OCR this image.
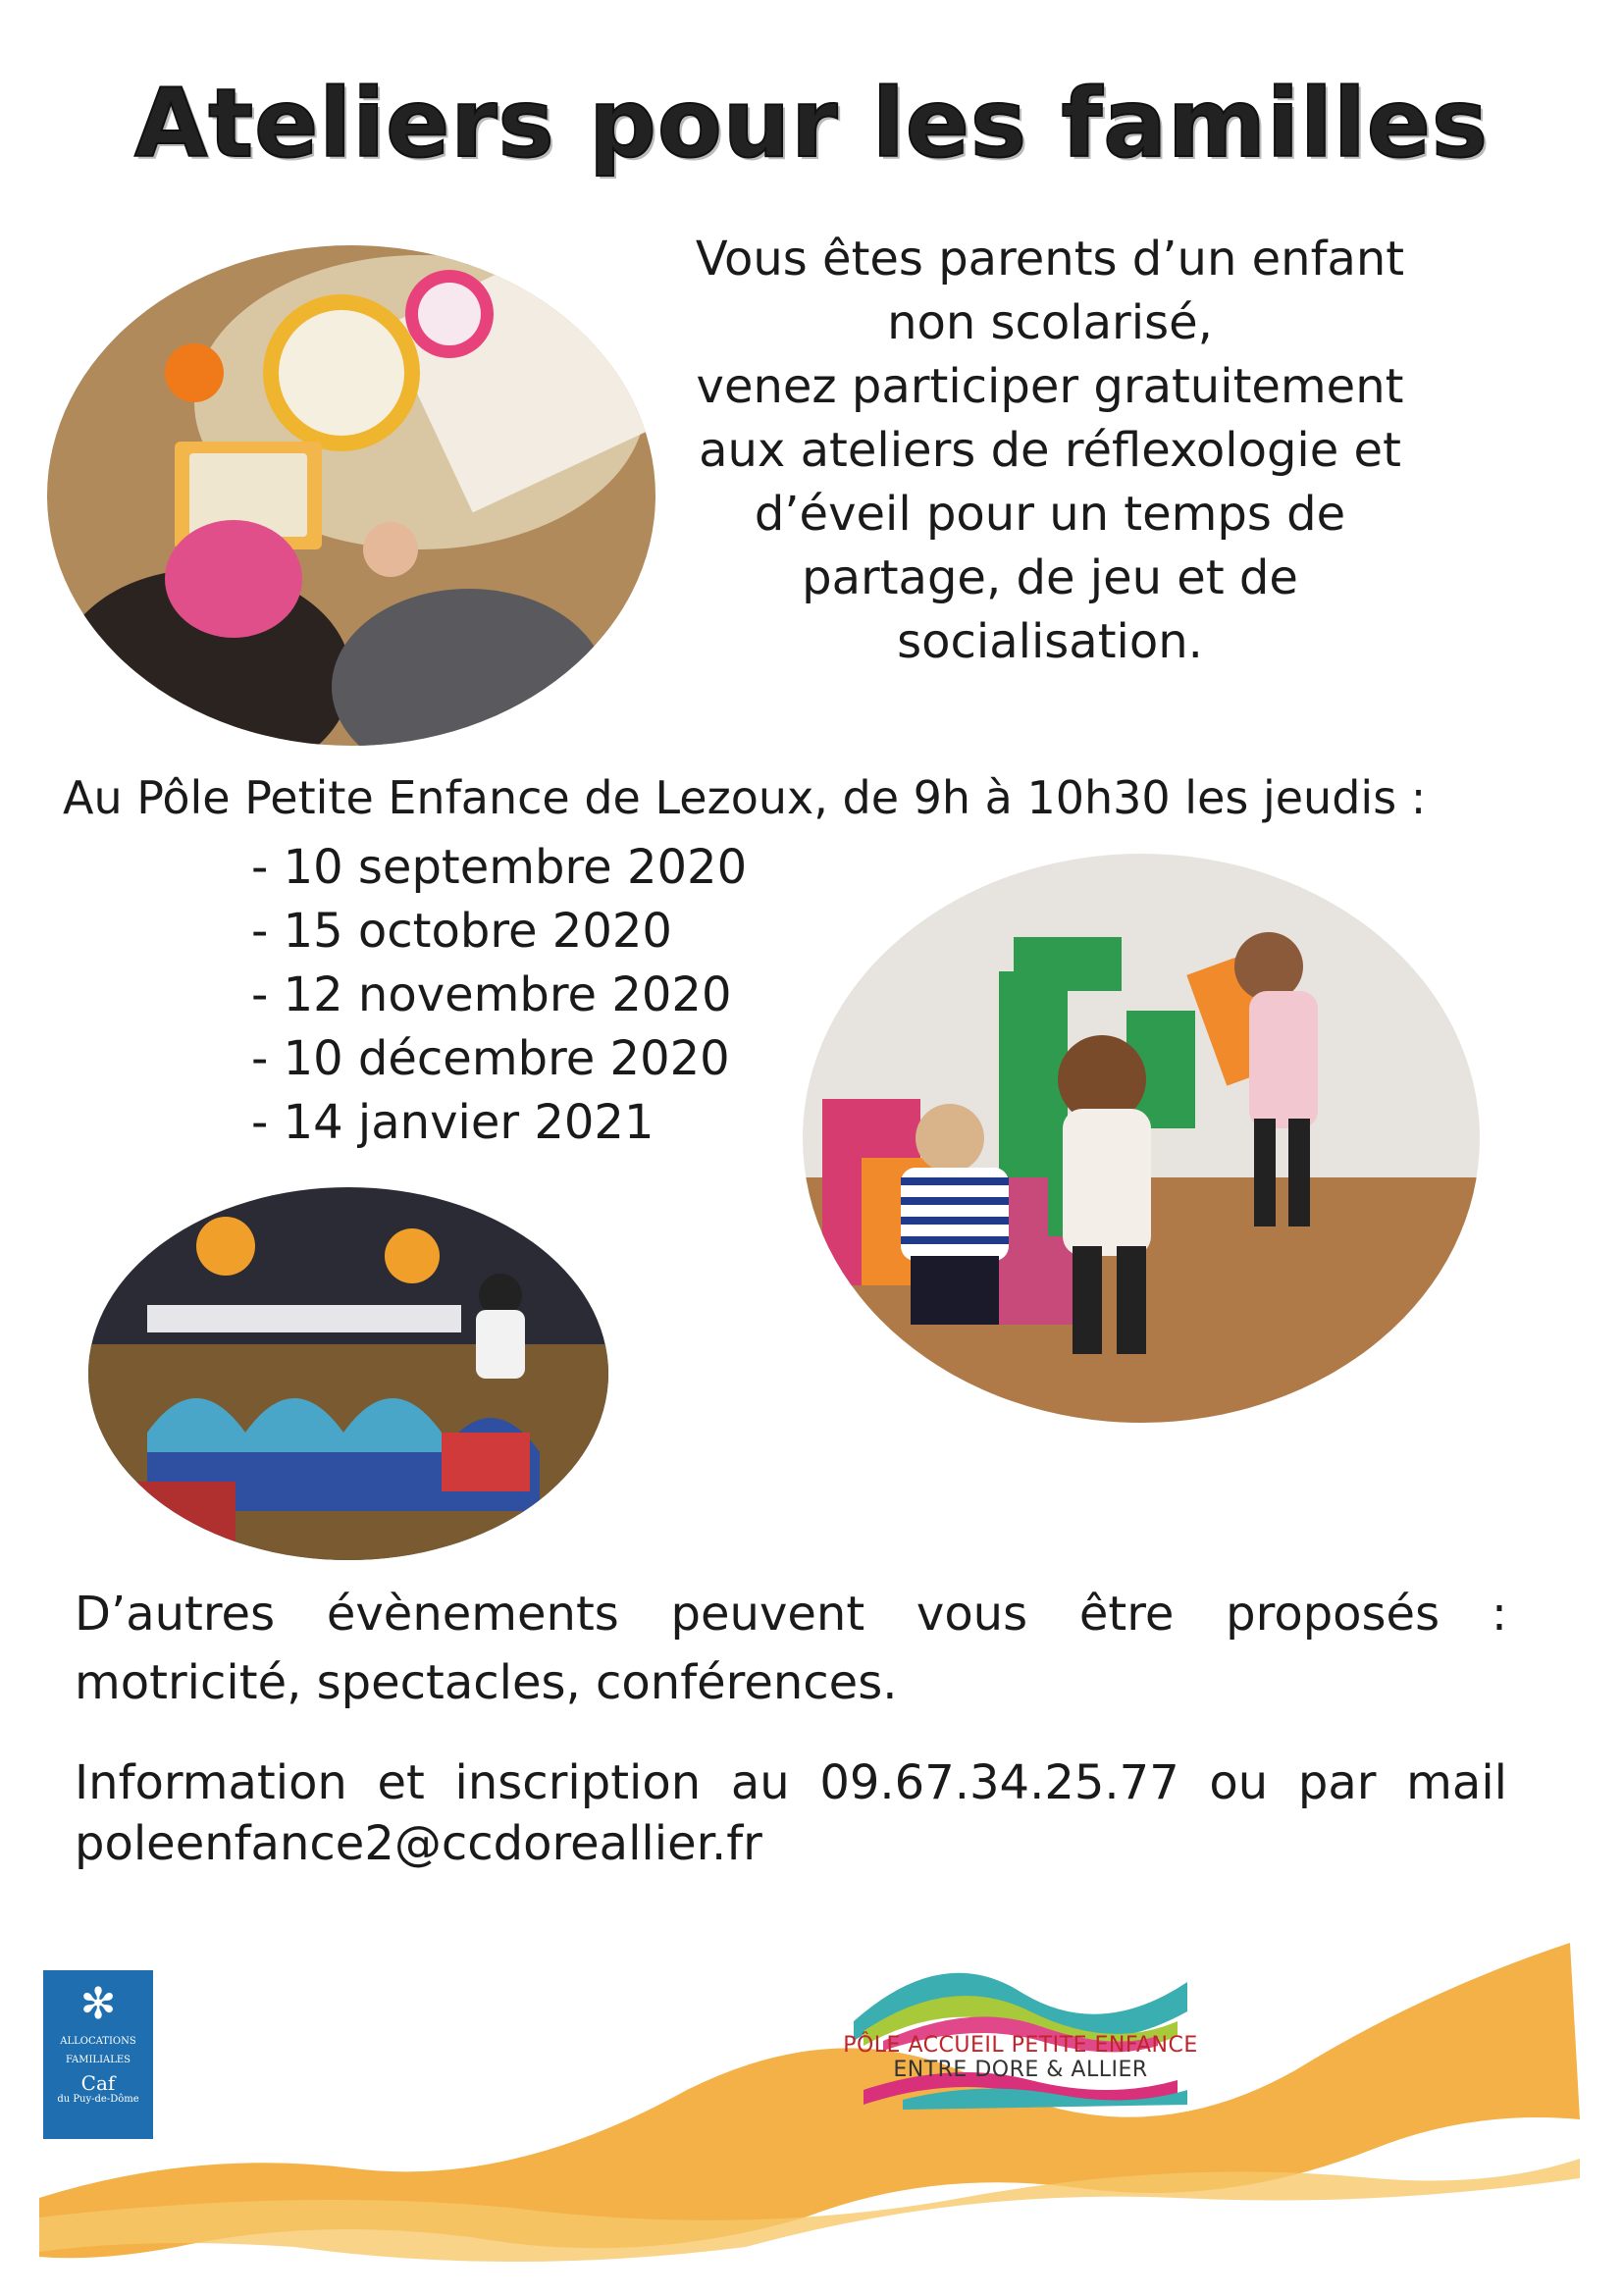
Ateliers pour les familles
Vous êtes parents d’un enfant
non scolarisé,
venez participer gratuitement
aux ateliers de réflexologie et
d’éveil pour un temps de
partage, de jeu et de
socialisation.
Au Pôle Petite Enfance de Lezoux, de 9h à 10h30 les jeudis :
- 10 septembre 2020
- 15 octobre 2020
- 12 novembre 2020
- 10 décembre 2020
- 14 janvier 2021
D’autres évènements peuvent vous être proposés :
motricité, spectacles, conférences.
Information et inscription au 09.67.34.25.77 ou par mail
poleenfance2@ccdoreallier.fr
✻
ALLOCATIONS
FAMILIALES
Caf
du Puy-de-Dôme
PÔLE ACCUEIL PETITE ENFANCE
ENTRE DORE & ALLIER
